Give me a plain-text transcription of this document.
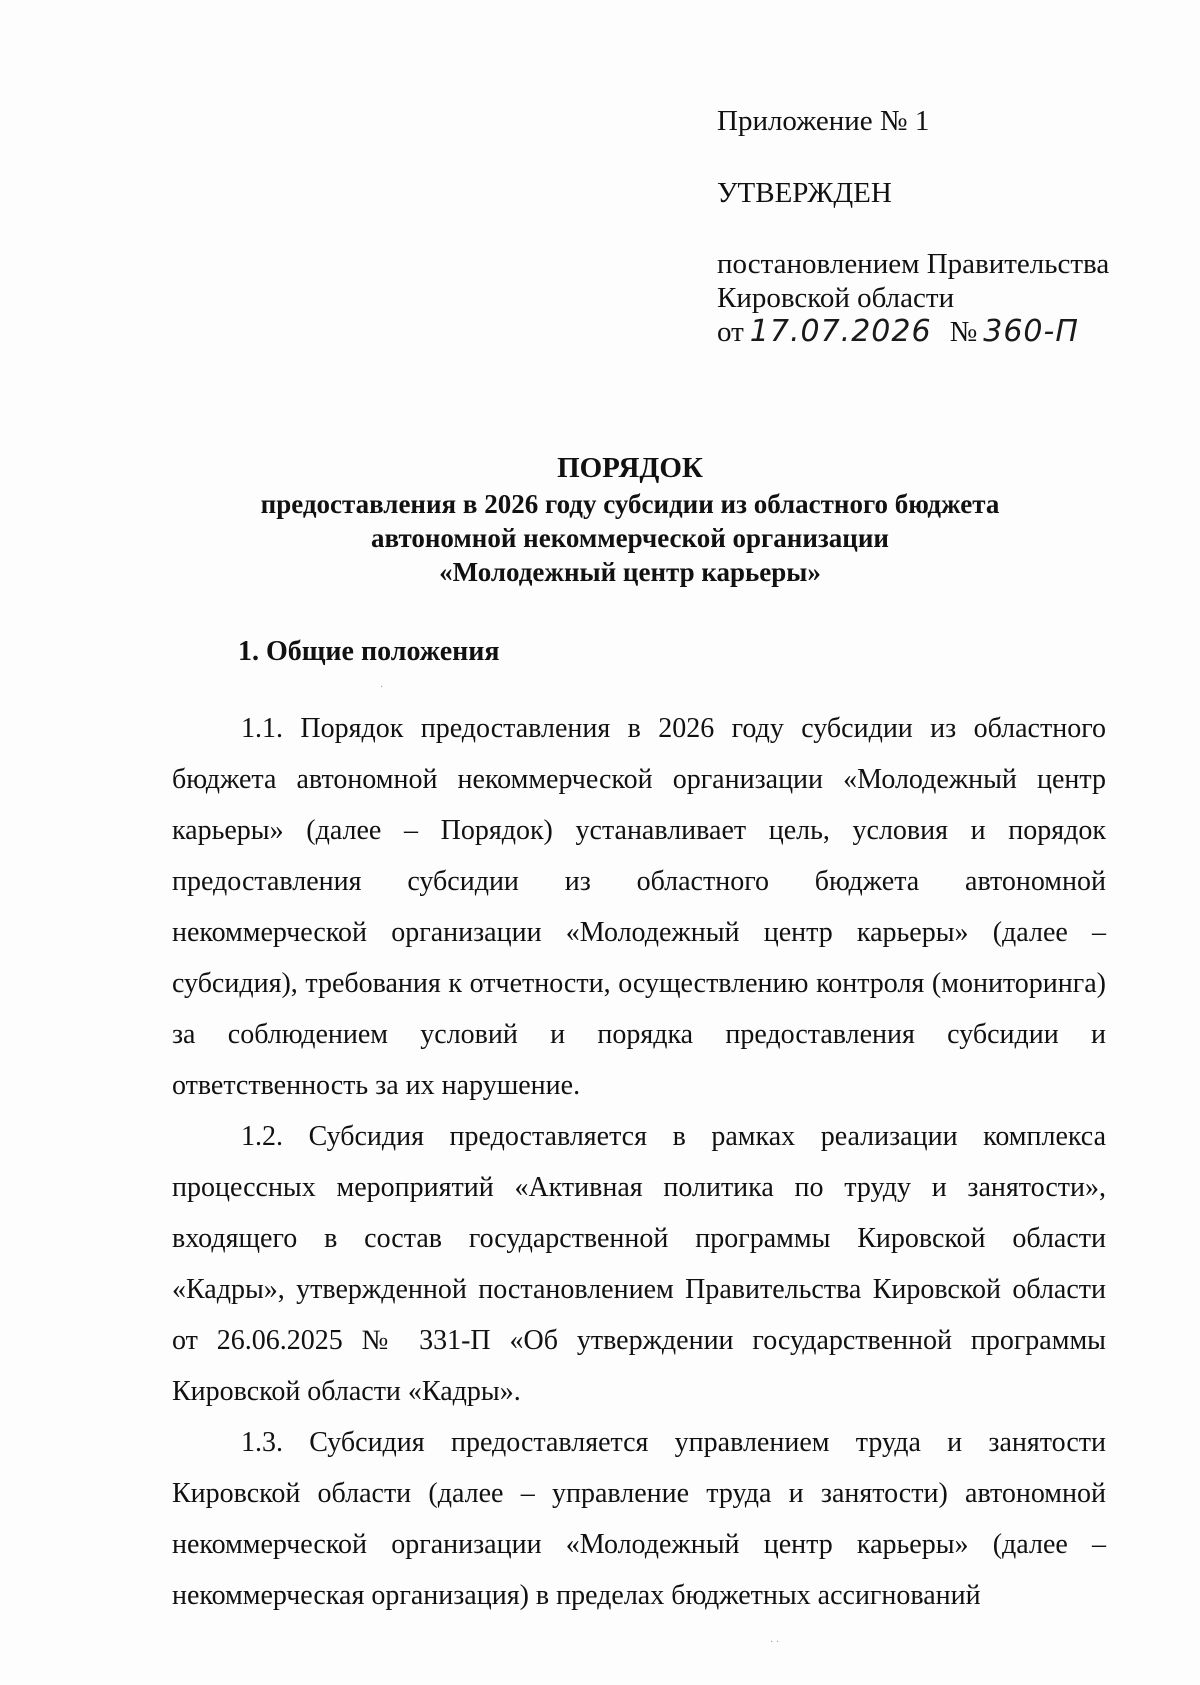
Приложение № 1
УТВЕРЖДЕН
постановлением Правительства
Кировской области
от 17.07.2026 № 360-П
ПОРЯДОК
предоставления в 2026 году субсидии из областного бюджета
автономной некоммерческой организации
«Молодежный центр карьеры»
1. Общие положения

1.1. Порядок предоставления в 2026 году субсидии из областного бюджета автономной некоммерческой организации «Молодежный центр карьеры» (далее – Порядок) устанавливает цель, условия и порядок предоставления субсидии из областного бюджета автономной некоммерческой организации «Молодежный центр карьеры» (далее – субсидия), требования к отчетности, осуществлению контроля (мониторинга) за соблюдением условий и порядка предоставления субсидии и ответственность за их нарушение.

1.2. Субсидия предоставляется в рамках реализации комплекса процессных мероприятий «Активная политика по труду и занятости», входящего в состав государственной программы Кировской области «Кадры», утвержденной постановлением Правительства Кировской области от 26.06.2025 № 331-П «Об утверждении государственной программы Кировской области «Кадры».

1.3. Субсидия предоставляется управлением труда и занятости Кировской области (далее – управление труда и занятости) автономной некоммерческой организации «Молодежный центр карьеры» (далее – некоммерческая организация) в пределах бюджетных ассигнований

·
· ·
